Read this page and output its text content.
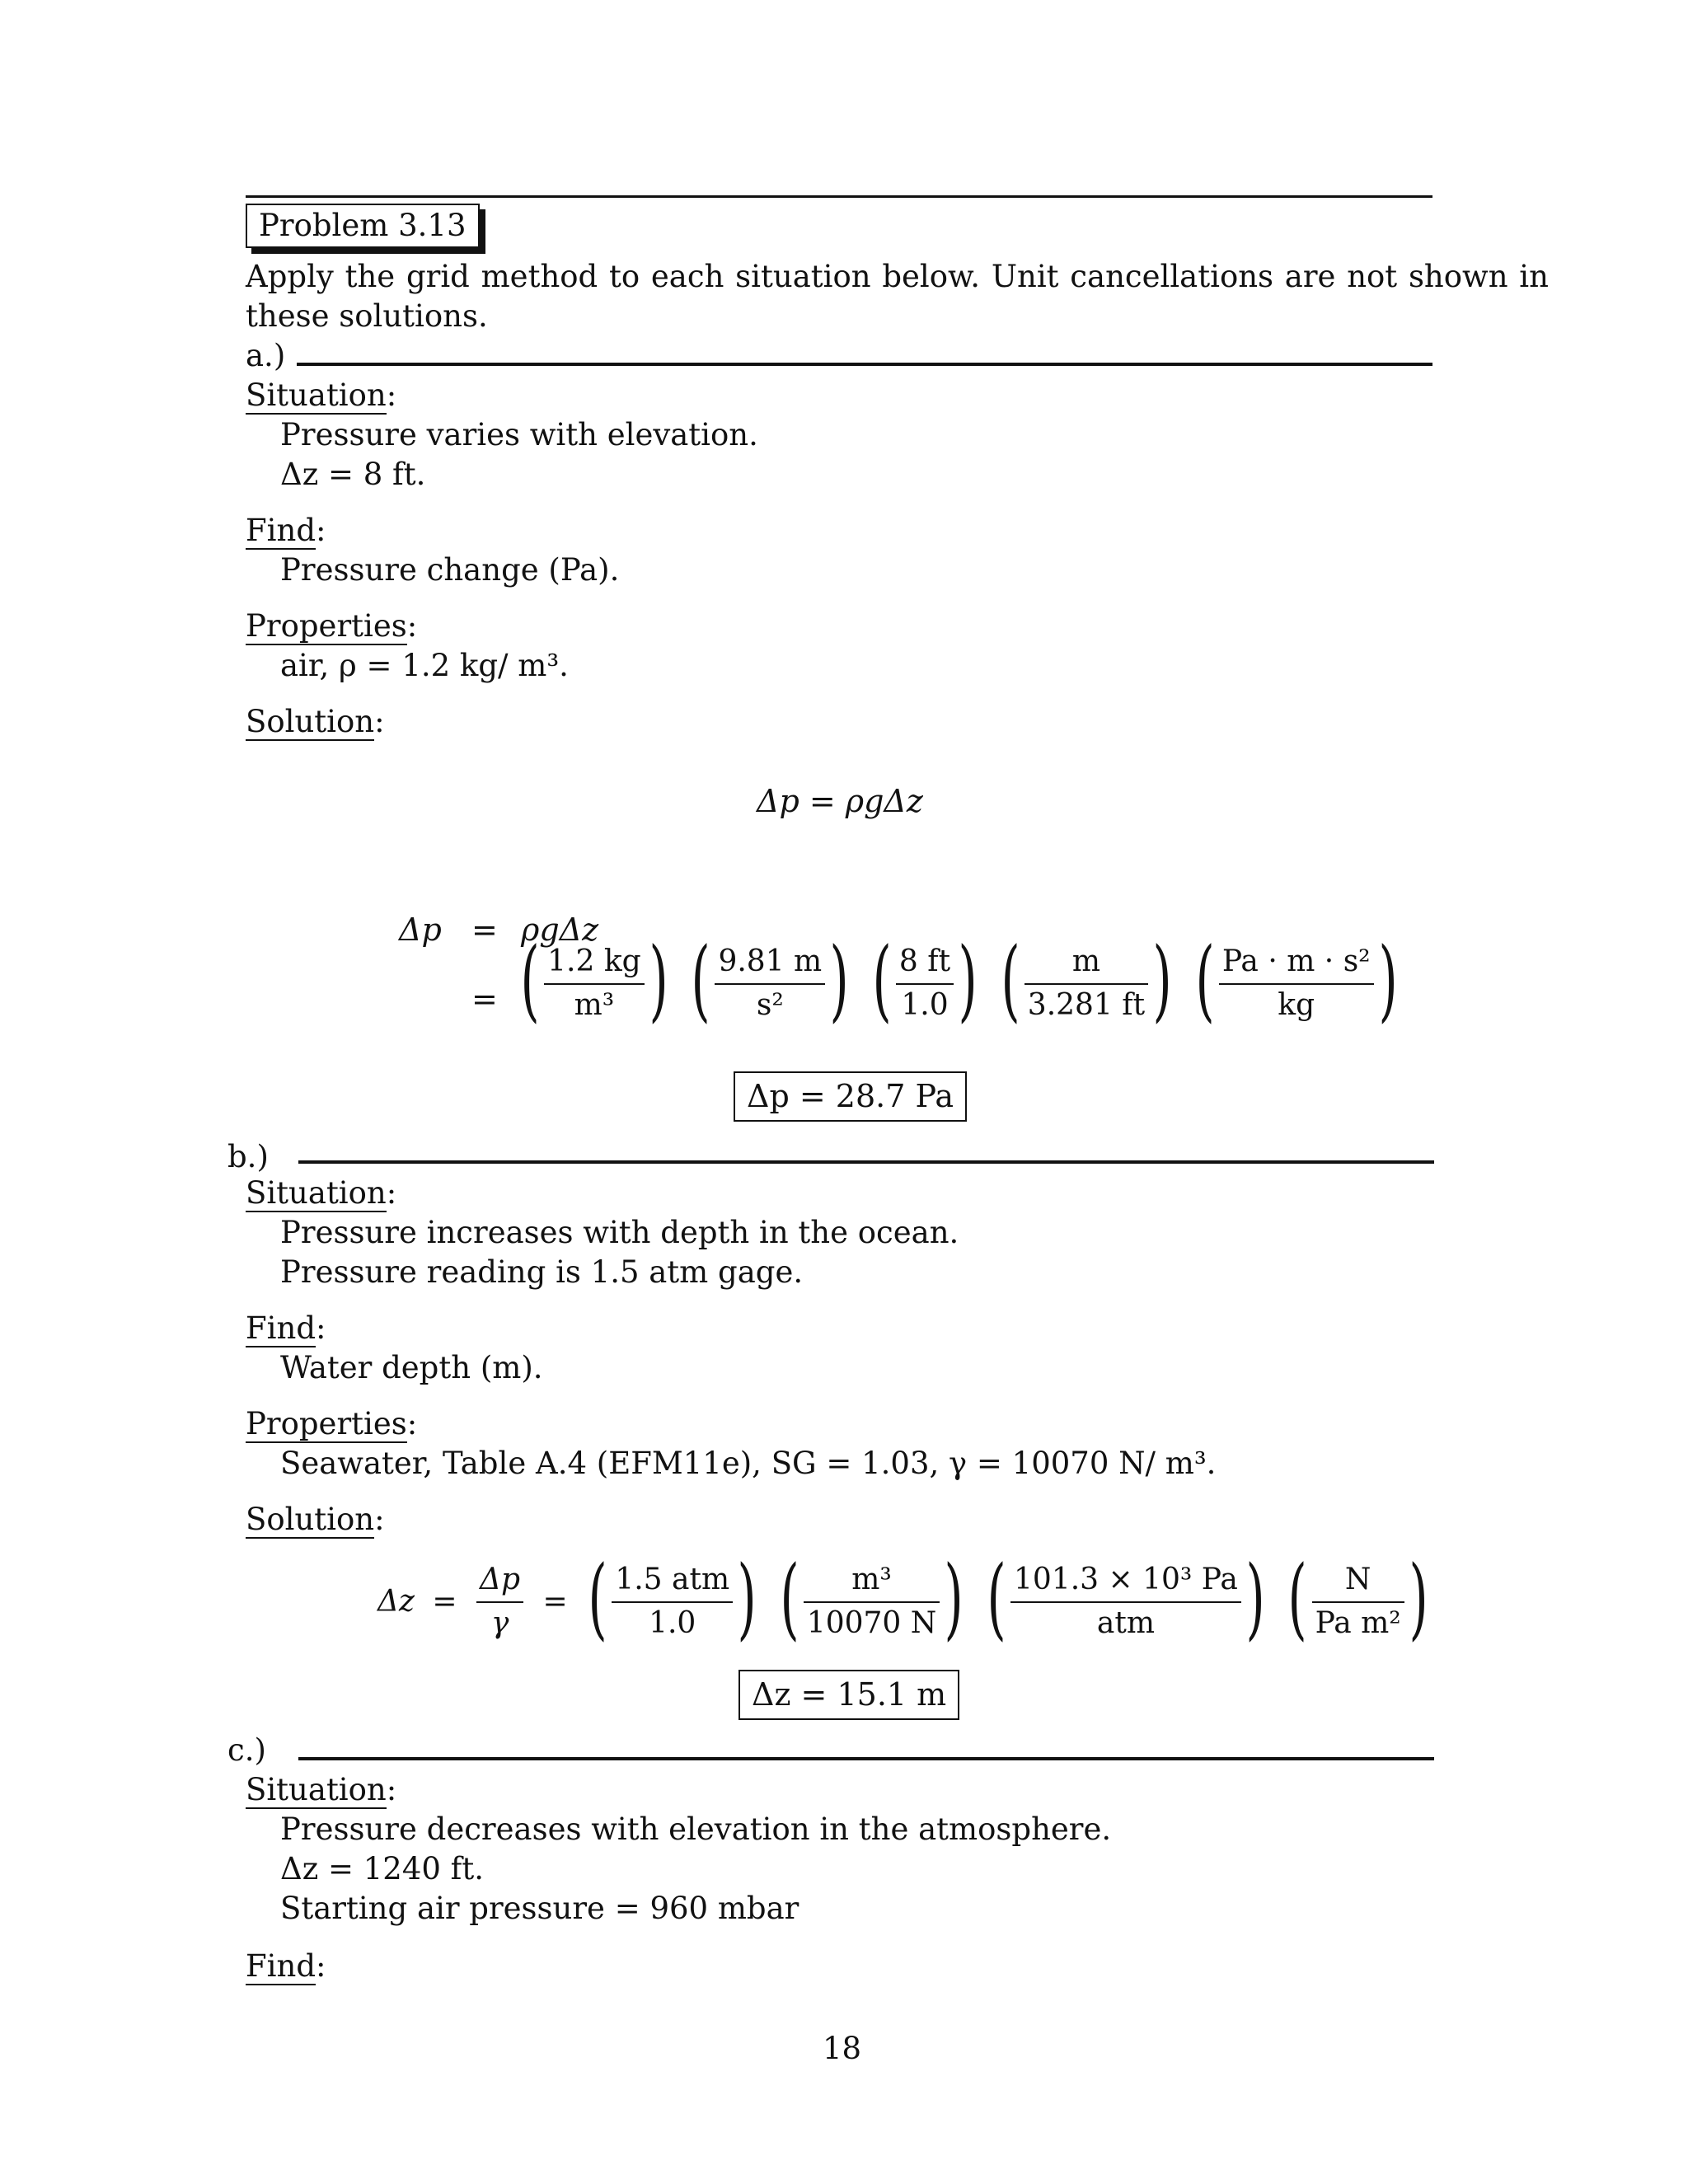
Problem 3.13
Apply the grid method to each situation below. Unit cancellations are not shown in
these solutions.
a.)
Situation:
Pressure varies with elevation.
Δz = 8 ft.
Find:
Pressure change (Pa).
Properties:
air, ρ = 1.2 kg/ m³.
Solution:
Δp = ρgΔz
Δp = ρgΔz
= ( $\frac{1.2 kg}{\text{m³}}$ ) ( $\frac{9.81 m}{\text{s²}}$ ) ( $\frac{8 ft}{1.0}$ ) ( $\frac{m}{3.281 ft}$ ) ( $\frac{\text{Pa · m · s²}}{kg}$ )
Δp = 28.7 Pa
b.)
Situation:
Pressure increases with depth in the ocean.
Pressure reading is 1.5 atm gage.
Find:
Water depth (m).
Properties:
Seawater, Table A.4 (EFM11e), SG = 1.03, γ = 10070 N/ m³.
Solution:
$\Delta z = \frac{\Delta p}{\gamma}$ = ( $\frac{\text{1.5 atm}}{1.0}$ ) ( $\frac{\text{m³}}{10070 N}$ ) ( $\frac{\text{101.3 × 10³ Pa}}{\text{atm}}$ ) ( $\frac{N}{\text{Pa m²}}$ )
Δz = 15.1 m
c.)
Situation:
Pressure decreases with elevation in the atmosphere.
Δz = 1240 ft.
Starting air pressure = 960 mbar
Find:
18
